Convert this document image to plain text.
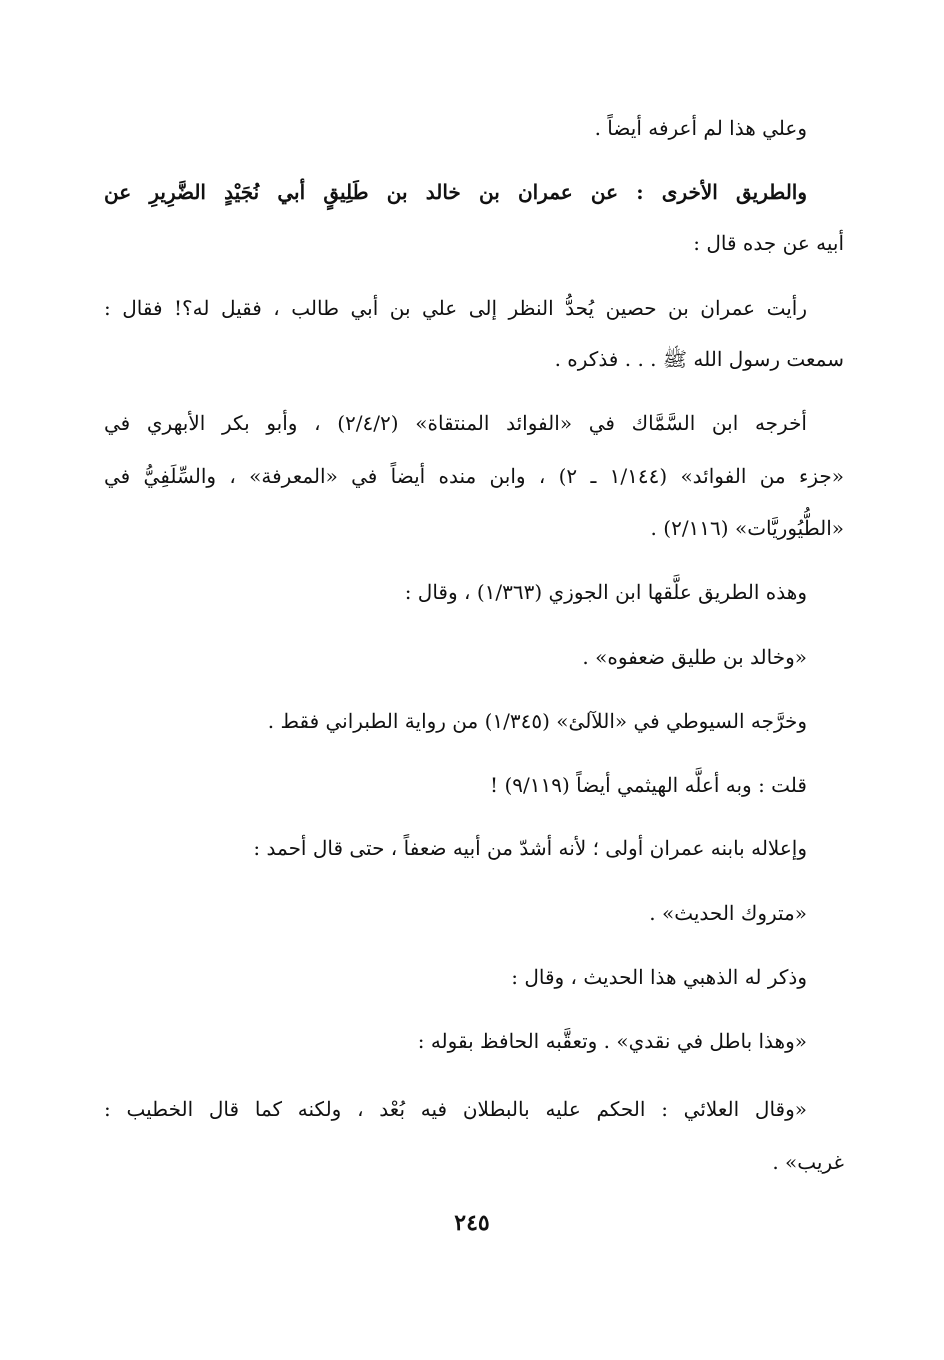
وعلي هذا لم أعرفه أيضاً .
والطريق الأخرى : عن عمران بن خالد بن طَلِيقٍ أبي نُجَيْدٍ الضَّرِيرِ عن
أبيه عن جده قال :
رأيت عمران بن حصين يُحدُّ النظر إلى علي بن أبي طالب ، فقيل له؟! فقال :
سمعت رسول الله ﷺ . . . فذكره .
أخرجه ابن السَّمَّاك في «الفوائد المنتقاة» (٢/٤/٢) ، وأبو بكر الأبهري في
«جزء من الفوائد» (١/١٤٤ ـ ٢) ، وابن منده أيضاً في «المعرفة» ، والسِّلَفِيُّ في
«الطُّيُوريَّات» (٢/١١٦) .
وهذه الطريق علَّقها ابن الجوزي (١/٣٦٣) ، وقال :
«وخالد بن طليق ضعفوه» .
وخرَّجه السيوطي في «اللآلئ» (١/٣٤٥) من رواية الطبراني فقط .
قلت : وبه أعلَّه الهيثمي أيضاً (٩/١١٩) !
وإعلاله بابنه عمران أولى ؛ لأنه أشدّ من أبيه ضعفاً ، حتى قال أحمد :
«متروك الحديث» .
وذكر له الذهبي هذا الحديث ، وقال :
«وهذا باطل في نقدي» . وتعقَّبه الحافظ بقوله :
«وقال العلائي : الحكم عليه بالبطلان فيه بُعْد ، ولكنه كما قال الخطيب :
غريب» .
٢٤٥
